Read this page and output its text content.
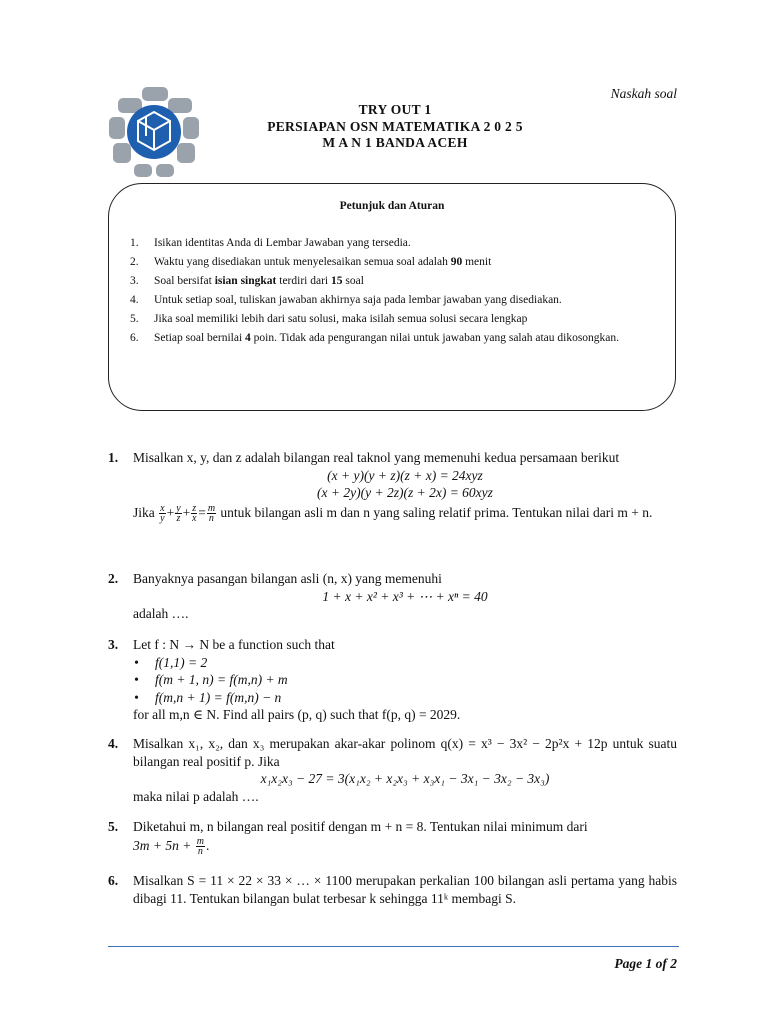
Naskah soal
TRY OUT 1
PERSIAPAN OSN MATEMATIKA 2 0 2 5
M A N 1 BANDA ACEH
Petunjuk dan Aturan
1. Isikan identitas Anda di Lembar Jawaban yang tersedia.
2. Waktu yang disediakan untuk menyelesaikan semua soal adalah 90 menit
3. Soal bersifat isian singkat terdiri dari 15 soal
4. Untuk setiap soal, tuliskan jawaban akhirnya saja pada lembar jawaban yang disediakan.
5. Jika soal memiliki lebih dari satu solusi, maka isilah semua solusi secara lengkap
6. Setiap soal bernilai 4 poin. Tidak ada pengurangan nilai untuk jawaban yang salah atau dikosongkan.
1. Misalkan x, y, dan z adalah bilangan real taknol yang memenuhi kedua persamaan berikut
(x + y)(y + z)(z + x) = 24xyz
(x + 2y)(y + 2z)(z + 2x) = 60xyz
Jika $\frac{x}{y} + \frac{y}{z} + \frac{z}{x} = \frac{m}{n}$ untuk bilangan asli m dan n yang saling relatif prima. Tentukan nilai dari m + n.
2. Banyaknya pasangan bilangan asli (n, x) yang memenuhi
1 + x + x² + x³ + ⋯ + xⁿ = 40
adalah ….
3. Let f : N → N be a function such that
• f(1,1) = 2
• f(m + 1, n) = f(m,n) + m
• f(m,n + 1) = f(m,n) − n
for all m,n ∈ N. Find all pairs (p, q) such that f(p, q) = 2029.
4. Misalkan x₁, x₂, dan x₃ merupakan akar-akar polinom q(x) = x³ − 3x² − 2p²x + 12p untuk suatu bilangan real positif p. Jika
x₁x₂x₃ − 27 = 3(x₁x₂ + x₂x₃ + x₃x₁ − 3x₁ − 3x₂ − 3x₃)
maka nilai p adalah ….
5. Diketahui m, n bilangan real positif dengan m + n = 8. Tentukan nilai minimum dari
$3m + 5n + \frac{m}{n}$ .
6. Misalkan S = 11 × 22 × 33 × … × 1100 merupakan perkalian 100 bilangan asli pertama yang habis dibagi 11. Tentukan bilangan bulat terbesar k sehingga 11ᵏ membagi S.
Page 1 of 2
